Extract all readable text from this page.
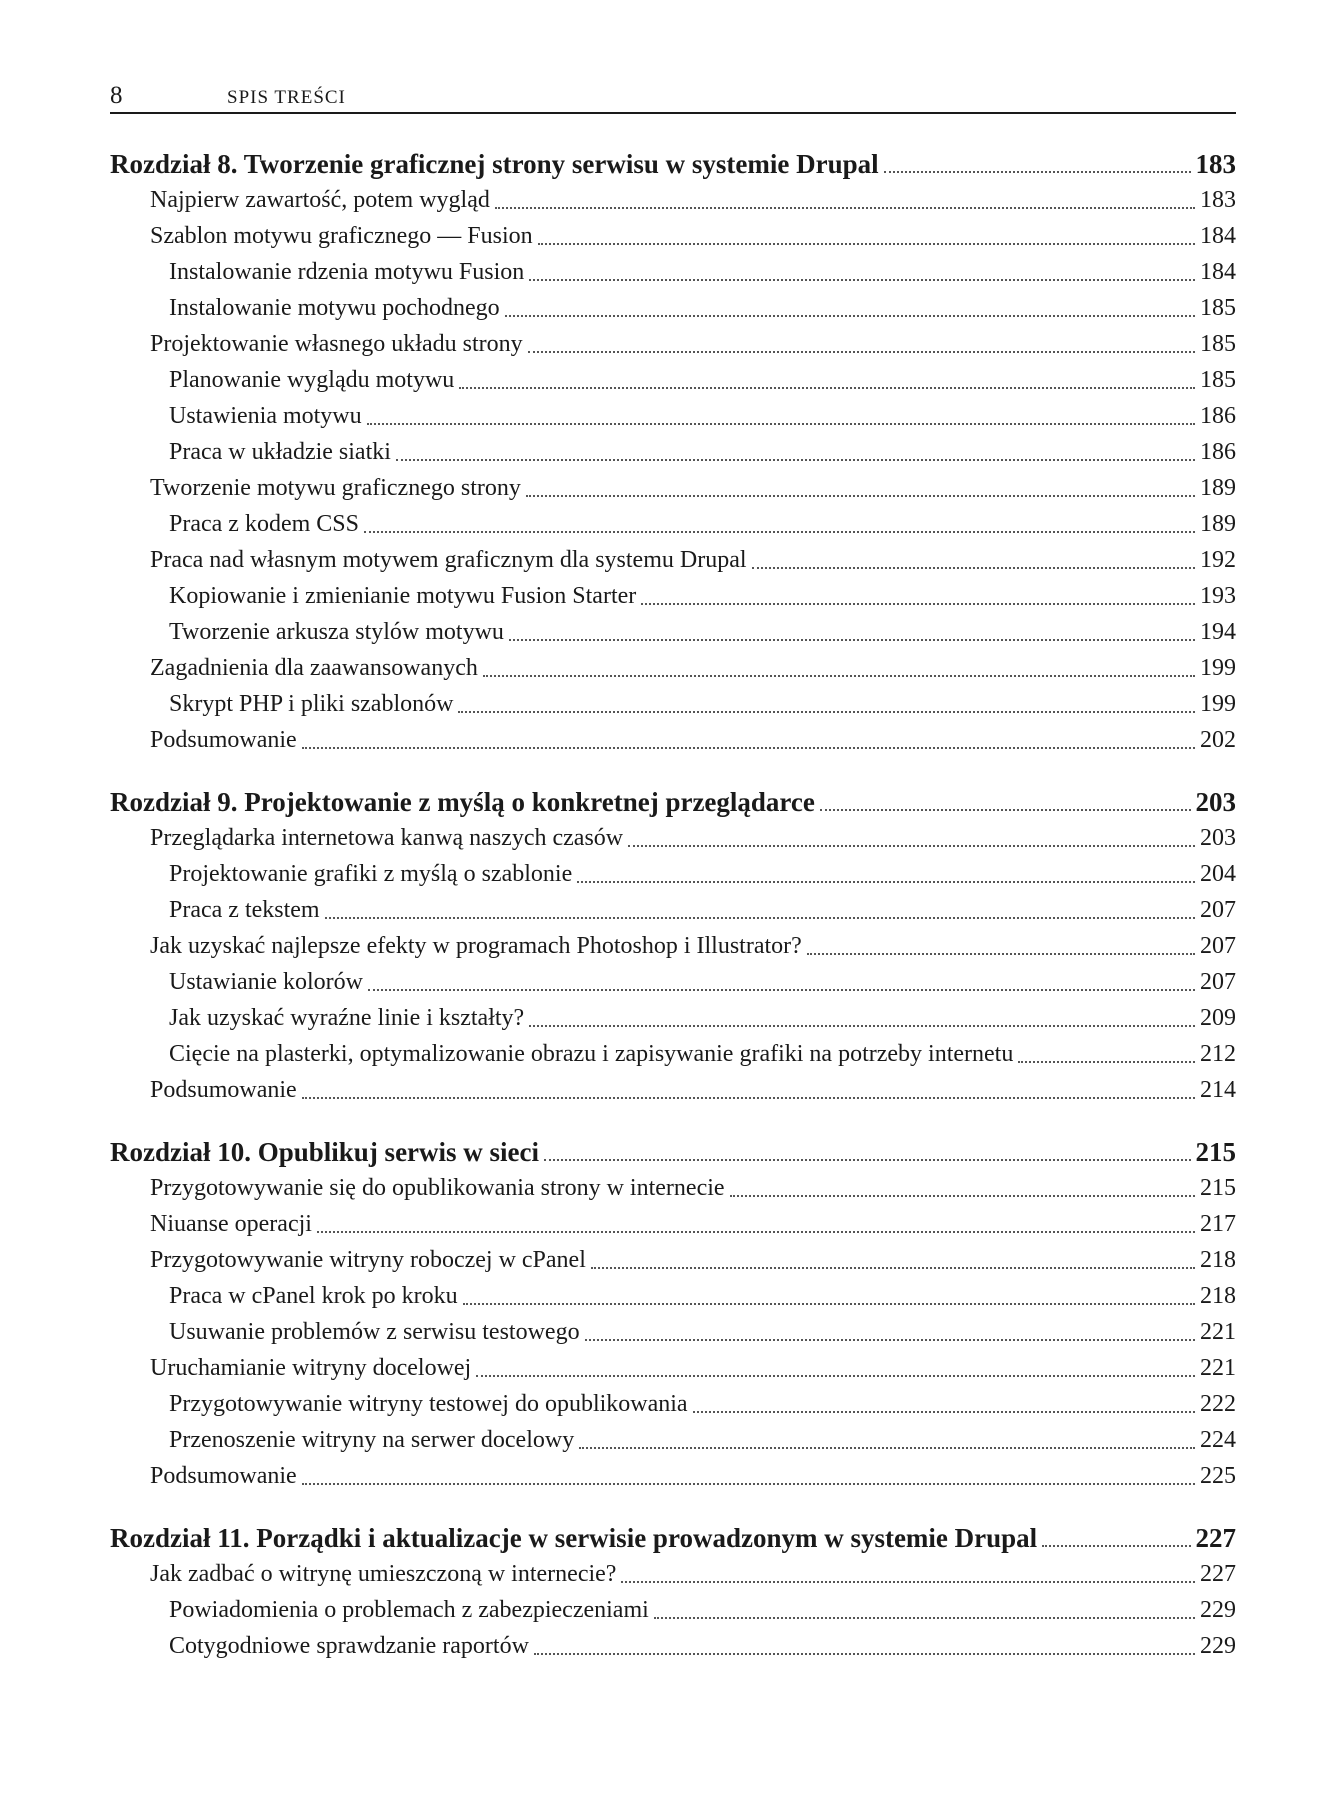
8	SPIS TREŚCI
Rozdział 8. Tworzenie graficznej strony serwisu w systemie Drupal	183
Najpierw zawartość, potem wygląd	183
Szablon motywu graficznego — Fusion	184
Instalowanie rdzenia motywu Fusion	184
Instalowanie motywu pochodnego	185
Projektowanie własnego układu strony	185
Planowanie wyglądu motywu	185
Ustawienia motywu	186
Praca w układzie siatki	186
Tworzenie motywu graficznego strony	189
Praca z kodem CSS	189
Praca nad własnym motywem graficznym dla systemu Drupal	192
Kopiowanie i zmienianie motywu Fusion Starter	193
Tworzenie arkusza stylów motywu	194
Zagadnienia dla zaawansowanych	199
Skrypt PHP i pliki szablonów	199
Podsumowanie	202
Rozdział 9. Projektowanie z myślą o konkretnej przeglądarce	203
Przeglądarka internetowa kanwą naszych czasów	203
Projektowanie grafiki z myślą o szablonie	204
Praca z tekstem	207
Jak uzyskać najlepsze efekty w programach Photoshop i Illustrator?	207
Ustawianie kolorów	207
Jak uzyskać wyraźne linie i kształty?	209
Cięcie na plasterki, optymalizowanie obrazu i zapisywanie grafiki na potrzeby internetu	212
Podsumowanie	214
Rozdział 10. Opublikuj serwis w sieci	215
Przygotowywanie się do opublikowania strony w internecie	215
Niuanse operacji	217
Przygotowywanie witryny roboczej w cPanel	218
Praca w cPanel krok po kroku	218
Usuwanie problemów z serwisu testowego	221
Uruchamianie witryny docelowej	221
Przygotowywanie witryny testowej do opublikowania	222
Przenoszenie witryny na serwer docelowy	224
Podsumowanie	225
Rozdział 11. Porządki i aktualizacje w serwisie prowadzonym w systemie Drupal	227
Jak zadbać o witrynę umieszczoną w internecie?	227
Powiadomienia o problemach z zabezpieczeniami	229
Cotygodniowe sprawdzanie raportów	229
